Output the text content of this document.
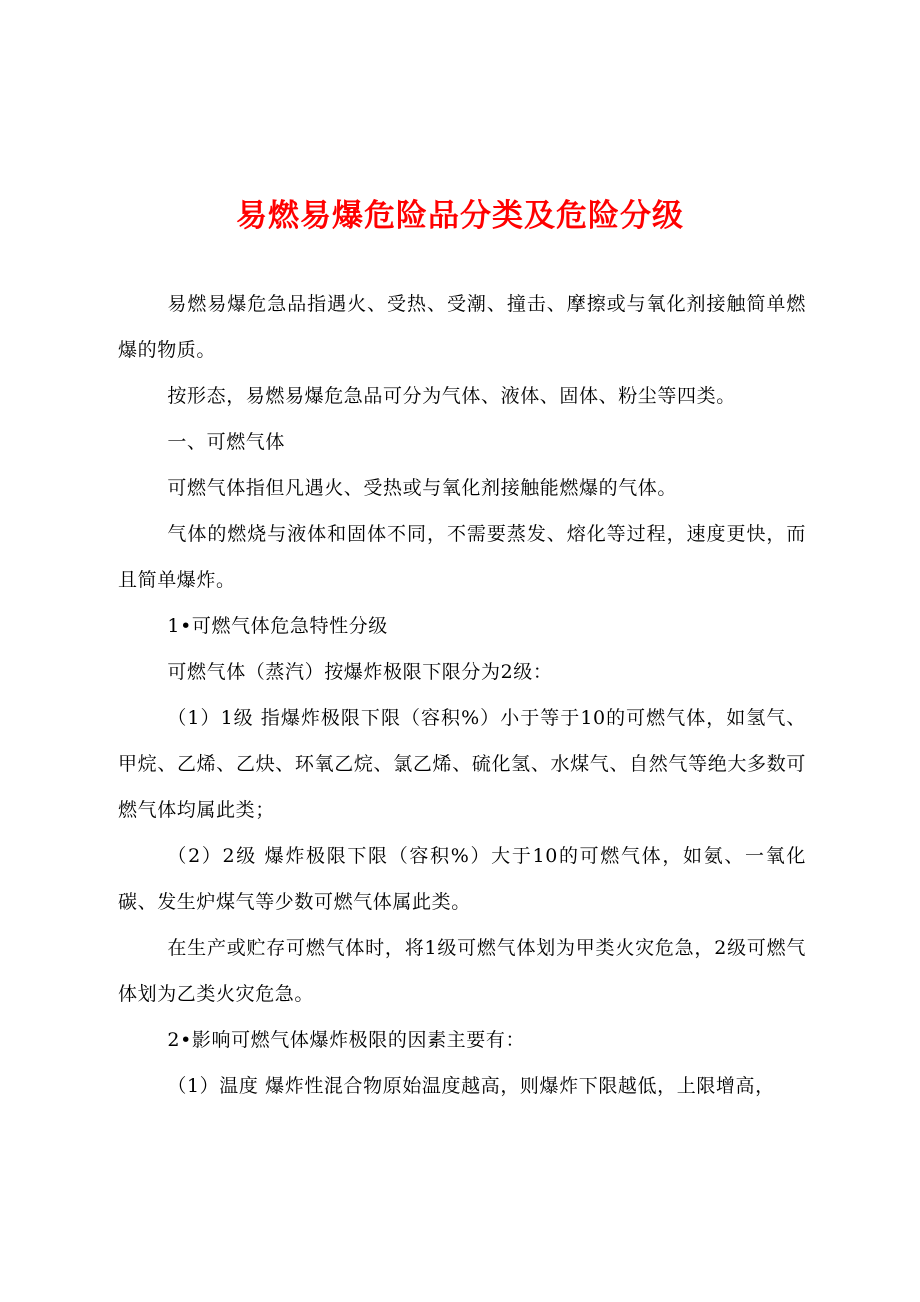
易燃易爆危险品分类及危险分级

易燃易爆危急品指遇火、受热、受潮、撞击、摩擦或与氧化剂接触简单燃爆的物质。

按形态，易燃易爆危急品可分为气体、液体、固体、粉尘等四类。

一、可燃气体

可燃气体指但凡遇火、受热或与氧化剂接触能燃爆的气体。

气体的燃烧与液体和固体不同，不需要蒸发、熔化等过程，速度更快，而且简单爆炸。

1•可燃气体危急特性分级

可燃气体（蒸汽）按爆炸极限下限分为2级：

（1）1级 指爆炸极限下限（容积%）小于等于10的可燃气体，如氢气、甲烷、乙烯、乙炔、环氧乙烷、氯乙烯、硫化氢、水煤气、自然气等绝大多数可燃气体均属此类；

（2）2级 爆炸极限下限（容积%）大于10的可燃气体，如氨、一氧化碳、发生炉煤气等少数可燃气体属此类。

在生产或贮存可燃气体时，将1级可燃气体划为甲类火灾危急，2级可燃气体划为乙类火灾危急。

2•影响可燃气体爆炸极限的因素主要有：

（1）温度 爆炸性混合物原始温度越高，则爆炸下限越低，上限增高，
